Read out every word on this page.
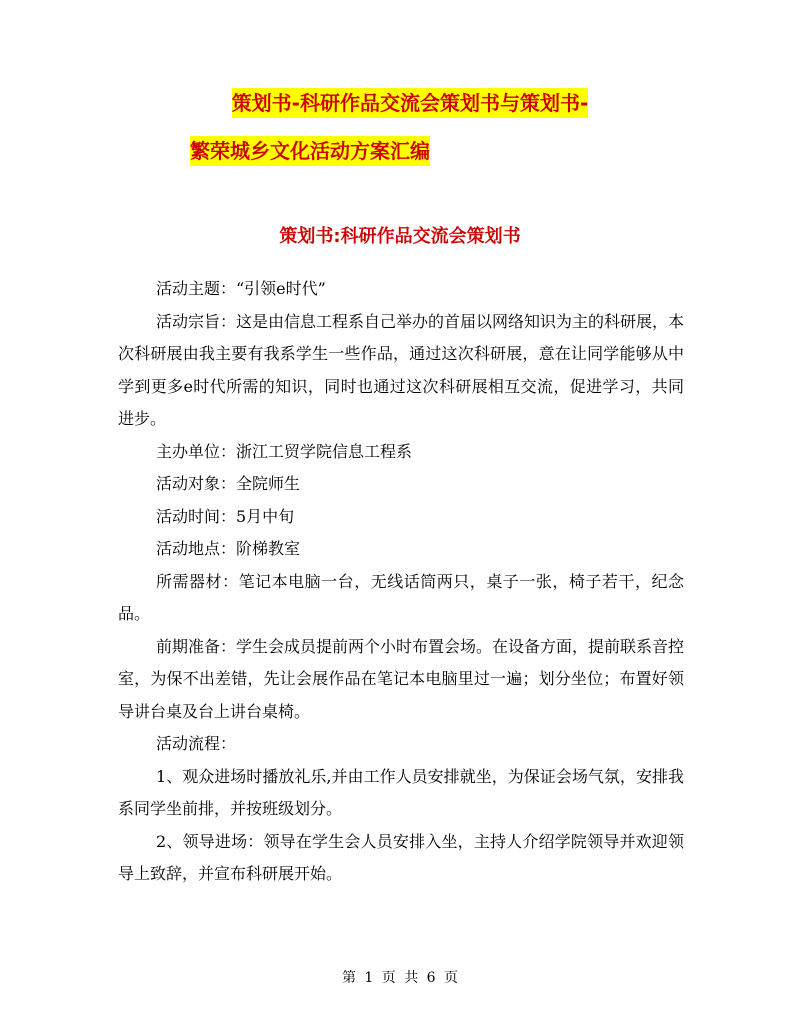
策划书-科研作品交流会策划书与策划书-
繁荣城乡文化活动方案汇编
策划书:科研作品交流会策划书

活动主题：“引领e时代”

活动宗旨：这是由信息工程系自己举办的首届以网络知识为主的科研展，本次科研展由我主要有我系学生一些作品，通过这次科研展，意在让同学能够从中学到更多e时代所需的知识，同时也通过这次科研展相互交流，促进学习，共同进步。

主办单位：浙江工贸学院信息工程系

活动对象：全院师生

活动时间：5月中旬

活动地点：阶梯教室

所需器材：笔记本电脑一台，无线话筒两只，桌子一张，椅子若干，纪念品。

前期准备：学生会成员提前两个小时布置会场。在设备方面，提前联系音控室，为保不出差错，先让会展作品在笔记本电脑里过一遍；划分坐位；布置好领导讲台桌及台上讲台桌椅。

活动流程：

1、观众进场时播放礼乐,并由工作人员安排就坐，为保证会场气氛，安排我系同学坐前排，并按班级划分。

2、领导进场：领导在学生会人员安排入坐，主持人介绍学院领导并欢迎领导上致辞，并宣布科研展开始。

第 1 页 共 6 页
